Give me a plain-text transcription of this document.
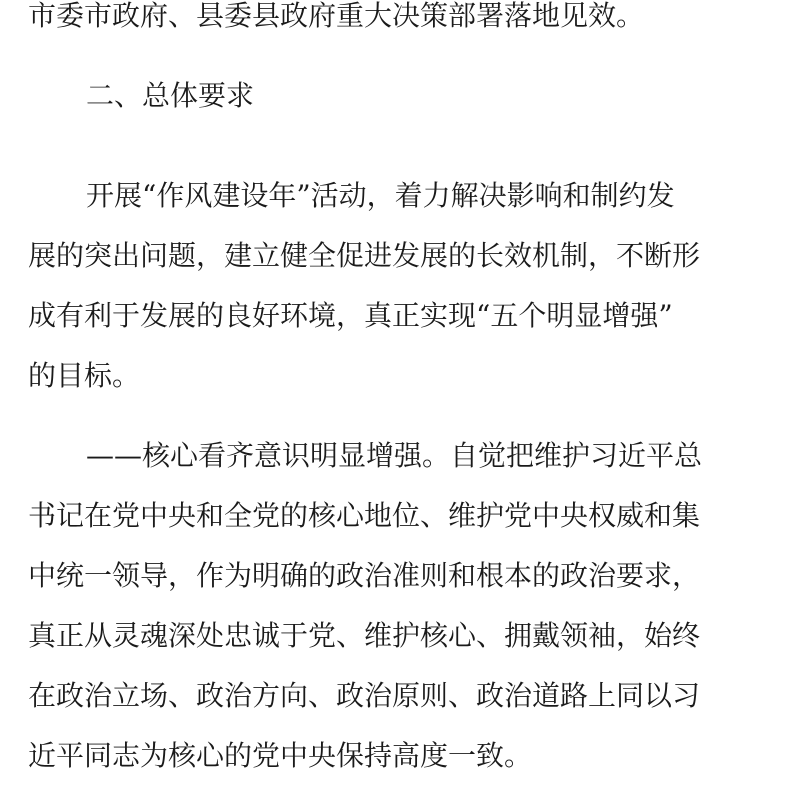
市委市政府、县委县政府重大决策部署落地见效。
二、总体要求
开展“作风建设年”活动，着力解决影响和制约发
展的突出问题，建立健全促进发展的长效机制，不断形
成有利于发展的良好环境，真正实现“五个明显增强”
的目标。
——核心看齐意识明显增强。自觉把维护习近平总
书记在党中央和全党的核心地位、维护党中央权威和集
中统一领导，作为明确的政治准则和根本的政治要求，
真正从灵魂深处忠诚于党、维护核心、拥戴领袖，始终
在政治立场、政治方向、政治原则、政治道路上同以习
近平同志为核心的党中央保持高度一致。
